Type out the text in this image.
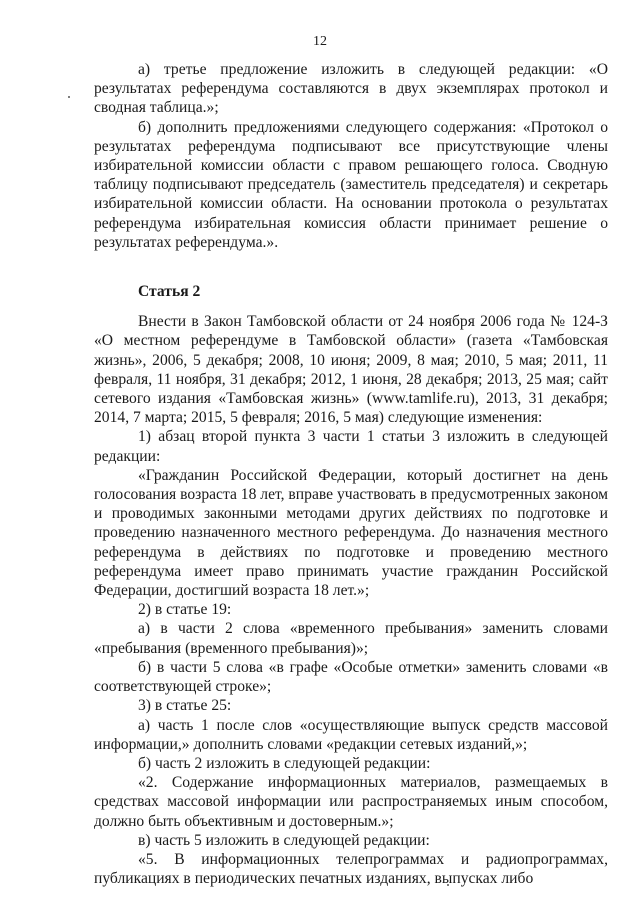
12

а) третье предложение изложить в следующей редакции: «О результатах референдума составляются в двух экземплярах протокол и сводная таблица.»;

б) дополнить предложениями следующего содержания: «Протокол о результатах референдума подписывают все присутствующие члены избирательной комиссии области с правом решающего голоса. Сводную таблицу подписывают председатель (заместитель председателя) и секретарь избирательной комиссии области. На основании протокола о результатах референдума избирательная комиссия области принимает решение о результатах референдума.».

Статья 2

Внести в Закон Тамбовской области от 24 ноября 2006 года № 124-З «О местном референдуме в Тамбовской области» (газета «Тамбовская жизнь», 2006, 5 декабря; 2008, 10 июня; 2009, 8 мая; 2010, 5 мая; 2011, 11 февраля, 11 ноября, 31 декабря; 2012, 1 июня, 28 декабря; 2013, 25 мая; сайт сетевого издания «Тамбовская жизнь» (www.tamlife.ru), 2013, 31 декабря; 2014, 7 марта; 2015, 5 февраля; 2016, 5 мая) следующие изменения:

1) абзац второй пункта 3 части 1 статьи 3 изложить в следующей редакции:

«Гражданин Российской Федерации, который достигнет на день голосования возраста 18 лет, вправе участвовать в предусмотренных законом и проводимых законными методами других действиях по подготовке и проведению назначенного местного референдума. До назначения местного референдума в действиях по подготовке и проведению местного референдума имеет право принимать участие гражданин Российской Федерации, достигший возраста 18 лет.»;

2) в статье 19:

а) в части 2 слова «временного пребывания» заменить словами «пребывания (временного пребывания)»;

б) в части 5 слова «в графе «Особые отметки» заменить словами «в соответствующей строке»;

3) в статье 25:

а) часть 1 после слов «осуществляющие выпуск средств массовой информации,» дополнить словами «редакции сетевых изданий,»;

б) часть 2 изложить в следующей редакции:

«2. Содержание информационных материалов, размещаемых в средствах массовой информации или распространяемых иным способом, должно быть объективным и достоверным.»;

в) часть 5 изложить в следующей редакции:

«5. В информационных телепрограммах и радиопрограммах, публикациях в периодических печатных изданиях, выпусках либо
